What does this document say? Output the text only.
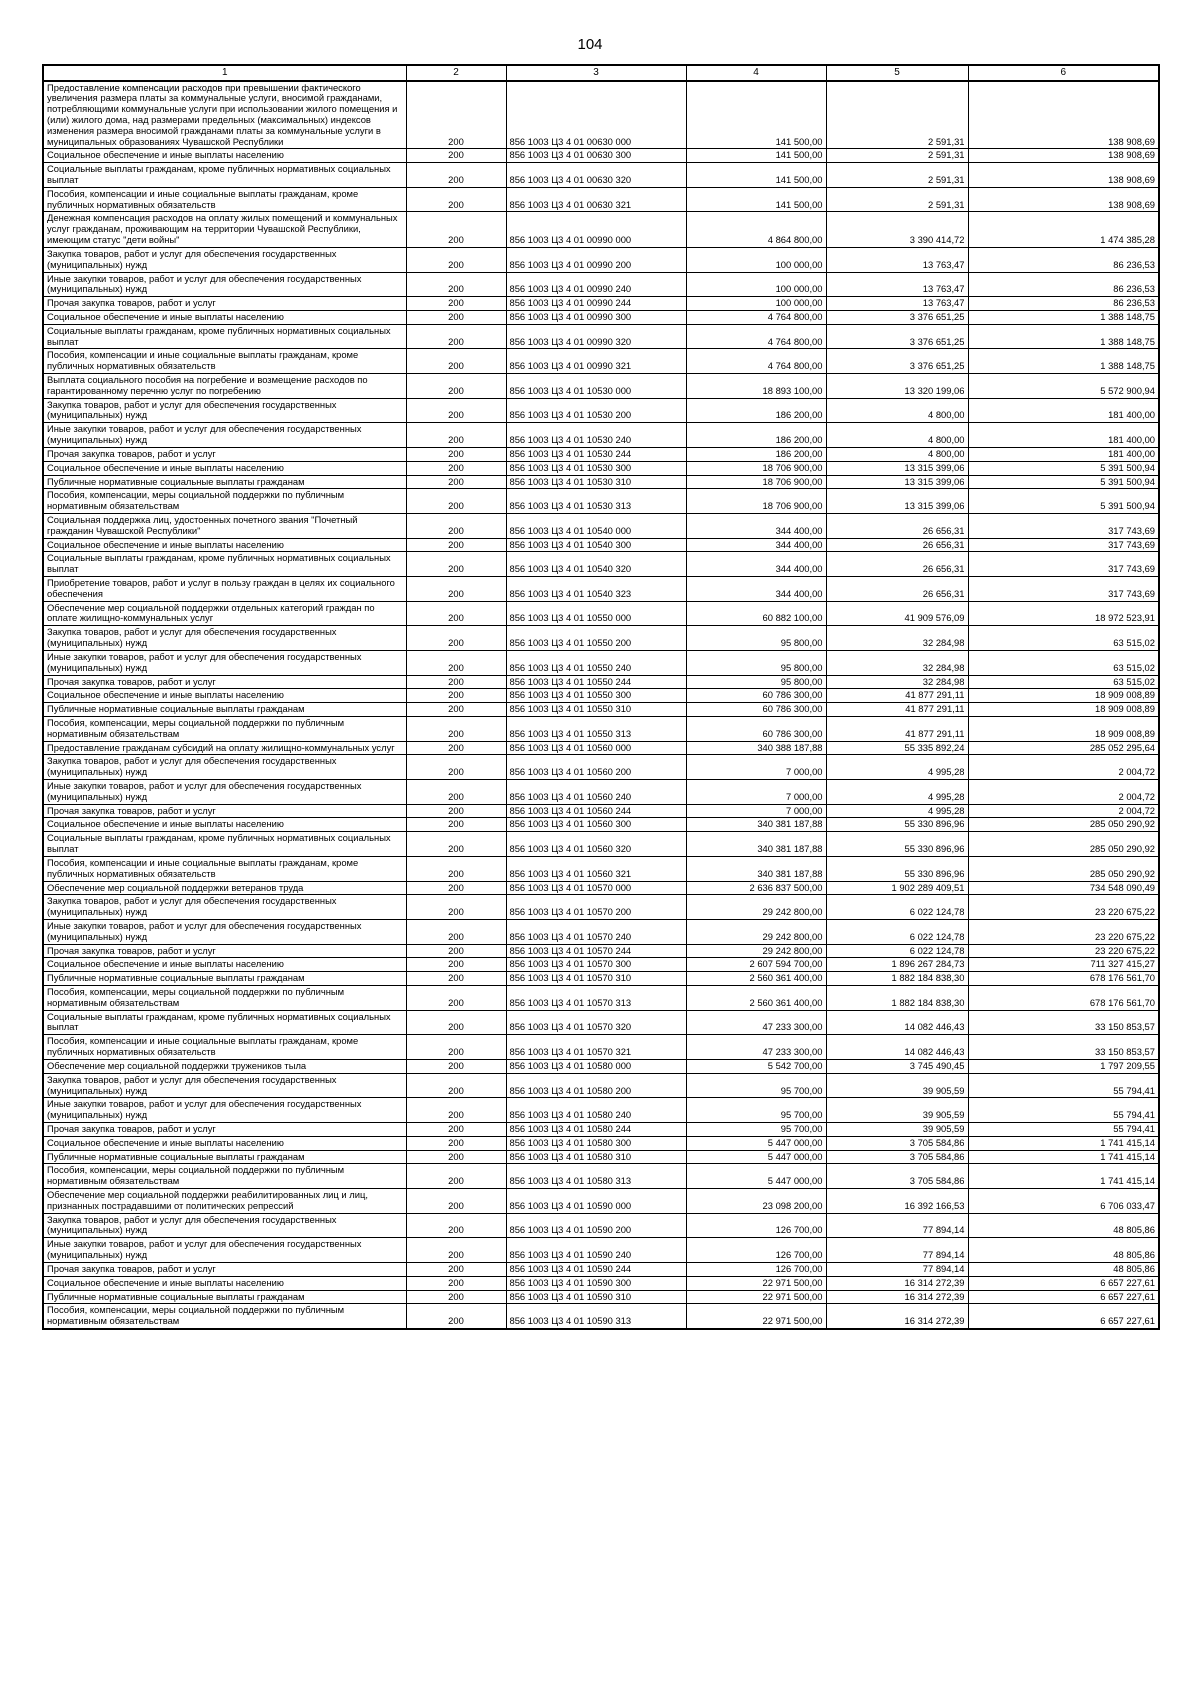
104
1	2	3	4	5	6
Предоставление компенсации расходов при превышении фактического увеличения размера платы за коммунальные услуги, вносимой гражданами, потребляющими коммунальные услуги при использовании жилого помещения и (или) жилого дома, над размерами предельных (максимальных) индексов изменения размера вносимой гражданами платы за коммунальные услуги в муниципальных образованиях Чувашской Республики	200	856 1003 Ц3 4 01 00630 000	141 500,00	2 591,31	138 908,69
Социальное обеспечение и иные выплаты населению	200	856 1003 Ц3 4 01 00630 300	141 500,00	2 591,31	138 908,69
Социальные выплаты гражданам, кроме публичных нормативных социальных выплат	200	856 1003 Ц3 4 01 00630 320	141 500,00	2 591,31	138 908,69
Пособия, компенсации и иные социальные выплаты гражданам, кроме публичных нормативных обязательств	200	856 1003 Ц3 4 01 00630 321	141 500,00	2 591,31	138 908,69
Денежная компенсация расходов на оплату жилых помещений и коммунальных услуг гражданам, проживающим на территории Чувашской Республики, имеющим статус "дети войны"	200	856 1003 Ц3 4 01 00990 000	4 864 800,00	3 390 414,72	1 474 385,28
Закупка товаров, работ и услуг для обеспечения государственных (муниципальных) нужд	200	856 1003 Ц3 4 01 00990 200	100 000,00	13 763,47	86 236,53
Иные закупки товаров, работ и услуг для обеспечения государственных (муниципальных) нужд	200	856 1003 Ц3 4 01 00990 240	100 000,00	13 763,47	86 236,53
Прочая закупка товаров, работ и услуг	200	856 1003 Ц3 4 01 00990 244	100 000,00	13 763,47	86 236,53
Социальное обеспечение и иные выплаты населению	200	856 1003 Ц3 4 01 00990 300	4 764 800,00	3 376 651,25	1 388 148,75
Социальные выплаты гражданам, кроме публичных нормативных социальных выплат	200	856 1003 Ц3 4 01 00990 320	4 764 800,00	3 376 651,25	1 388 148,75
Пособия, компенсации и иные социальные выплаты гражданам, кроме публичных нормативных обязательств	200	856 1003 Ц3 4 01 00990 321	4 764 800,00	3 376 651,25	1 388 148,75
Выплата социального пособия на погребение и возмещение расходов по гарантированному перечню услуг по погребению	200	856 1003 Ц3 4 01 10530 000	18 893 100,00	13 320 199,06	5 572 900,94
Закупка товаров, работ и услуг для обеспечения государственных (муниципальных) нужд	200	856 1003 Ц3 4 01 10530 200	186 200,00	4 800,00	181 400,00
Иные закупки товаров, работ и услуг для обеспечения государственных (муниципальных) нужд	200	856 1003 Ц3 4 01 10530 240	186 200,00	4 800,00	181 400,00
Прочая закупка товаров, работ и услуг	200	856 1003 Ц3 4 01 10530 244	186 200,00	4 800,00	181 400,00
Социальное обеспечение и иные выплаты населению	200	856 1003 Ц3 4 01 10530 300	18 706 900,00	13 315 399,06	5 391 500,94
Публичные нормативные социальные выплаты гражданам	200	856 1003 Ц3 4 01 10530 310	18 706 900,00	13 315 399,06	5 391 500,94
Пособия, компенсации, меры социальной поддержки по публичным нормативным обязательствам	200	856 1003 Ц3 4 01 10530 313	18 706 900,00	13 315 399,06	5 391 500,94
Социальная поддержка лиц, удостоенных почетного звания "Почетный гражданин Чувашской Республики"	200	856 1003 Ц3 4 01 10540 000	344 400,00	26 656,31	317 743,69
Социальное обеспечение и иные выплаты населению	200	856 1003 Ц3 4 01 10540 300	344 400,00	26 656,31	317 743,69
Социальные выплаты гражданам, кроме публичных нормативных социальных выплат	200	856 1003 Ц3 4 01 10540 320	344 400,00	26 656,31	317 743,69
Приобретение товаров, работ и услуг в пользу граждан в целях их социального обеспечения	200	856 1003 Ц3 4 01 10540 323	344 400,00	26 656,31	317 743,69
Обеспечение мер социальной поддержки отдельных категорий граждан по оплате жилищно-коммунальных услуг	200	856 1003 Ц3 4 01 10550 000	60 882 100,00	41 909 576,09	18 972 523,91
Закупка товаров, работ и услуг для обеспечения государственных (муниципальных) нужд	200	856 1003 Ц3 4 01 10550 200	95 800,00	32 284,98	63 515,02
Иные закупки товаров, работ и услуг для обеспечения государственных (муниципальных) нужд	200	856 1003 Ц3 4 01 10550 240	95 800,00	32 284,98	63 515,02
Прочая закупка товаров, работ и услуг	200	856 1003 Ц3 4 01 10550 244	95 800,00	32 284,98	63 515,02
Социальное обеспечение и иные выплаты населению	200	856 1003 Ц3 4 01 10550 300	60 786 300,00	41 877 291,11	18 909 008,89
Публичные нормативные социальные выплаты гражданам	200	856 1003 Ц3 4 01 10550 310	60 786 300,00	41 877 291,11	18 909 008,89
Пособия, компенсации, меры социальной поддержки по публичным нормативным обязательствам	200	856 1003 Ц3 4 01 10550 313	60 786 300,00	41 877 291,11	18 909 008,89
Предоставление гражданам субсидий на оплату жилищно-коммунальных услуг	200	856 1003 Ц3 4 01 10560 000	340 388 187,88	55 335 892,24	285 052 295,64
Закупка товаров, работ и услуг для обеспечения государственных (муниципальных) нужд	200	856 1003 Ц3 4 01 10560 200	7 000,00	4 995,28	2 004,72
Иные закупки товаров, работ и услуг для обеспечения государственных (муниципальных) нужд	200	856 1003 Ц3 4 01 10560 240	7 000,00	4 995,28	2 004,72
Прочая закупка товаров, работ и услуг	200	856 1003 Ц3 4 01 10560 244	7 000,00	4 995,28	2 004,72
Социальное обеспечение и иные выплаты населению	200	856 1003 Ц3 4 01 10560 300	340 381 187,88	55 330 896,96	285 050 290,92
Социальные выплаты гражданам, кроме публичных нормативных социальных выплат	200	856 1003 Ц3 4 01 10560 320	340 381 187,88	55 330 896,96	285 050 290,92
Пособия, компенсации и иные социальные выплаты гражданам, кроме публичных нормативных обязательств	200	856 1003 Ц3 4 01 10560 321	340 381 187,88	55 330 896,96	285 050 290,92
Обеспечение мер социальной поддержки ветеранов труда	200	856 1003 Ц3 4 01 10570 000	2 636 837 500,00	1 902 289 409,51	734 548 090,49
Закупка товаров, работ и услуг для обеспечения государственных (муниципальных) нужд	200	856 1003 Ц3 4 01 10570 200	29 242 800,00	6 022 124,78	23 220 675,22
Иные закупки товаров, работ и услуг для обеспечения государственных (муниципальных) нужд	200	856 1003 Ц3 4 01 10570 240	29 242 800,00	6 022 124,78	23 220 675,22
Прочая закупка товаров, работ и услуг	200	856 1003 Ц3 4 01 10570 244	29 242 800,00	6 022 124,78	23 220 675,22
Социальное обеспечение и иные выплаты населению	200	856 1003 Ц3 4 01 10570 300	2 607 594 700,00	1 896 267 284,73	711 327 415,27
Публичные нормативные социальные выплаты гражданам	200	856 1003 Ц3 4 01 10570 310	2 560 361 400,00	1 882 184 838,30	678 176 561,70
Пособия, компенсации, меры социальной поддержки по публичным нормативным обязательствам	200	856 1003 Ц3 4 01 10570 313	2 560 361 400,00	1 882 184 838,30	678 176 561,70
Социальные выплаты гражданам, кроме публичных нормативных социальных выплат	200	856 1003 Ц3 4 01 10570 320	47 233 300,00	14 082 446,43	33 150 853,57
Пособия, компенсации и иные социальные выплаты гражданам, кроме публичных нормативных обязательств	200	856 1003 Ц3 4 01 10570 321	47 233 300,00	14 082 446,43	33 150 853,57
Обеспечение мер социальной поддержки тружеников тыла	200	856 1003 Ц3 4 01 10580 000	5 542 700,00	3 745 490,45	1 797 209,55
Закупка товаров, работ и услуг для обеспечения государственных (муниципальных) нужд	200	856 1003 Ц3 4 01 10580 200	95 700,00	39 905,59	55 794,41
Иные закупки товаров, работ и услуг для обеспечения государственных (муниципальных) нужд	200	856 1003 Ц3 4 01 10580 240	95 700,00	39 905,59	55 794,41
Прочая закупка товаров, работ и услуг	200	856 1003 Ц3 4 01 10580 244	95 700,00	39 905,59	55 794,41
Социальное обеспечение и иные выплаты населению	200	856 1003 Ц3 4 01 10580 300	5 447 000,00	3 705 584,86	1 741 415,14
Публичные нормативные социальные выплаты гражданам	200	856 1003 Ц3 4 01 10580 310	5 447 000,00	3 705 584,86	1 741 415,14
Пособия, компенсации, меры социальной поддержки по публичным нормативным обязательствам	200	856 1003 Ц3 4 01 10580 313	5 447 000,00	3 705 584,86	1 741 415,14
Обеспечение мер социальной поддержки реабилитированных лиц и лиц, признанных пострадавшими от политических репрессий	200	856 1003 Ц3 4 01 10590 000	23 098 200,00	16 392 166,53	6 706 033,47
Закупка товаров, работ и услуг для обеспечения государственных (муниципальных) нужд	200	856 1003 Ц3 4 01 10590 200	126 700,00	77 894,14	48 805,86
Иные закупки товаров, работ и услуг для обеспечения государственных (муниципальных) нужд	200	856 1003 Ц3 4 01 10590 240	126 700,00	77 894,14	48 805,86
Прочая закупка товаров, работ и услуг	200	856 1003 Ц3 4 01 10590 244	126 700,00	77 894,14	48 805,86
Социальное обеспечение и иные выплаты населению	200	856 1003 Ц3 4 01 10590 300	22 971 500,00	16 314 272,39	6 657 227,61
Публичные нормативные социальные выплаты гражданам	200	856 1003 Ц3 4 01 10590 310	22 971 500,00	16 314 272,39	6 657 227,61
Пособия, компенсации, меры социальной поддержки по публичным нормативным обязательствам	200	856 1003 Ц3 4 01 10590 313	22 971 500,00	16 314 272,39	6 657 227,61
